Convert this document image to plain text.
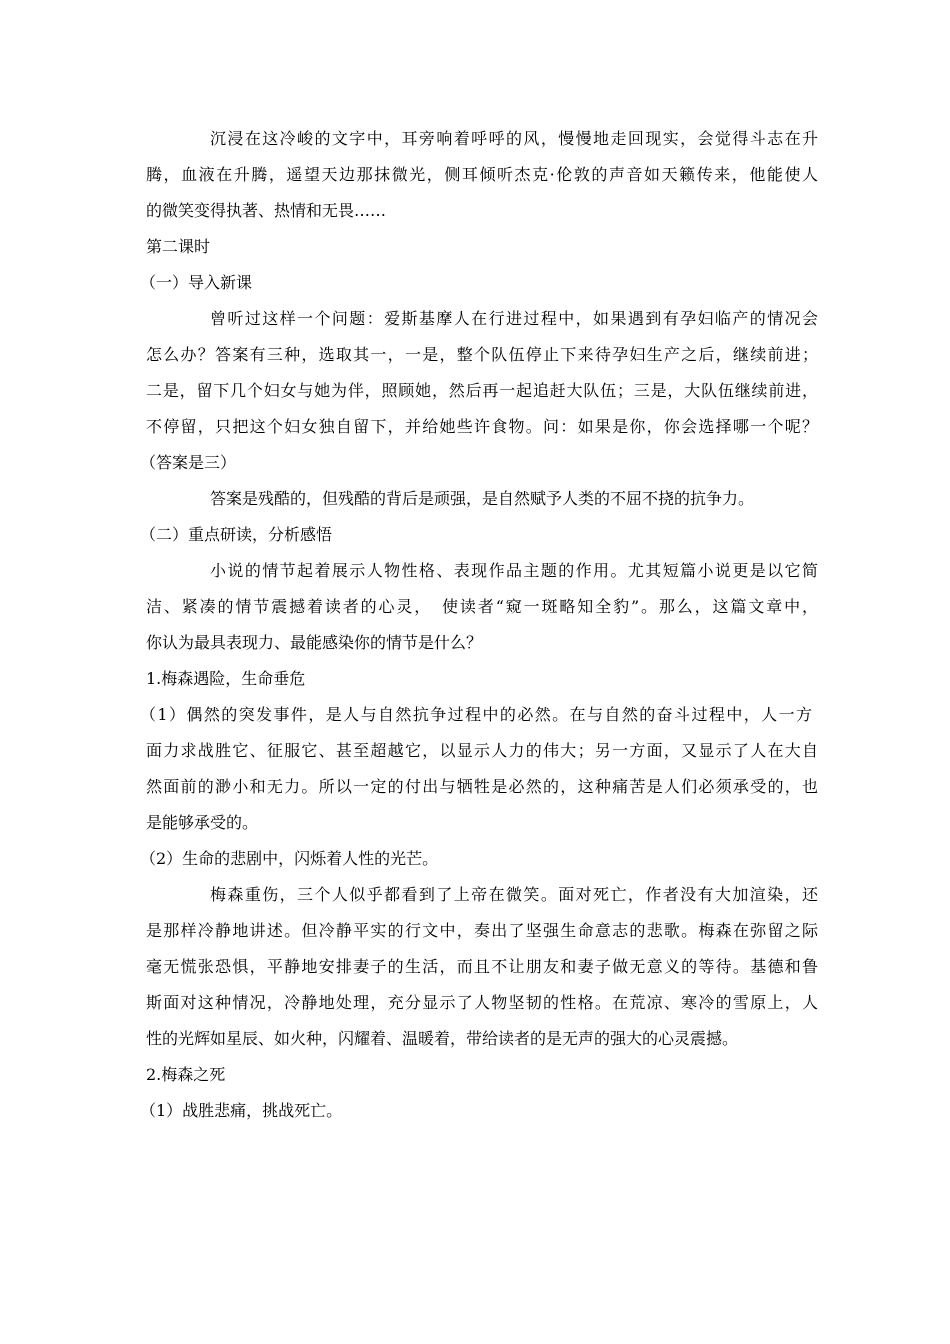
沉浸在这冷峻的文字中，耳旁响着呼呼的风，慢慢地走回现实，会觉得斗志在升

腾，血液在升腾，遥望天边那抹微光，侧耳倾听杰克·伦敦的声音如天籁传来，他能使人

的微笑变得执著、热情和无畏……

第二课时

（一）导入新课

曾听过这样一个问题：爱斯基摩人在行进过程中，如果遇到有孕妇临产的情况会

怎么办？答案有三种，选取其一，一是，整个队伍停止下来待孕妇生产之后，继续前进；

二是，留下几个妇女与她为伴，照顾她，然后再一起追赶大队伍；三是，大队伍继续前进，

不停留，只把这个妇女独自留下，并给她些许食物。问：如果是你，你会选择哪一个呢？

（答案是三）

答案是残酷的，但残酷的背后是顽强，是自然赋予人类的不屈不挠的抗争力。

（二）重点研读，分析感悟

小说的情节起着展示人物性格、表现作品主题的作用。尤其短篇小说更是以它简

洁、紧凑的情节震撼着读者的心灵，　使读者“窥一斑略知全豹”。那么，这篇文章中，

你认为最具表现力、最能感染你的情节是什么？

1.梅森遇险，生命垂危

（1）偶然的突发事件，是人与自然抗争过程中的必然。在与自然的奋斗过程中，人一方

面力求战胜它、征服它、甚至超越它，以显示人力的伟大；另一方面，又显示了人在大自

然面前的渺小和无力。所以一定的付出与牺牲是必然的，这种痛苦是人们必须承受的，也

是能够承受的。

（2）生命的悲剧中，闪烁着人性的光芒。

梅森重伤，三个人似乎都看到了上帝在微笑。面对死亡，作者没有大加渲染，还

是那样冷静地讲述。但冷静平实的行文中，奏出了坚强生命意志的悲歌。梅森在弥留之际

毫无慌张恐惧，平静地安排妻子的生活，而且不让朋友和妻子做无意义的等待。基德和鲁

斯面对这种情况，冷静地处理，充分显示了人物坚韧的性格。在荒凉、寒冷的雪原上，人

性的光辉如星辰、如火种，闪耀着、温暖着，带给读者的是无声的强大的心灵震撼。

2.梅森之死

（1）战胜悲痛，挑战死亡。
